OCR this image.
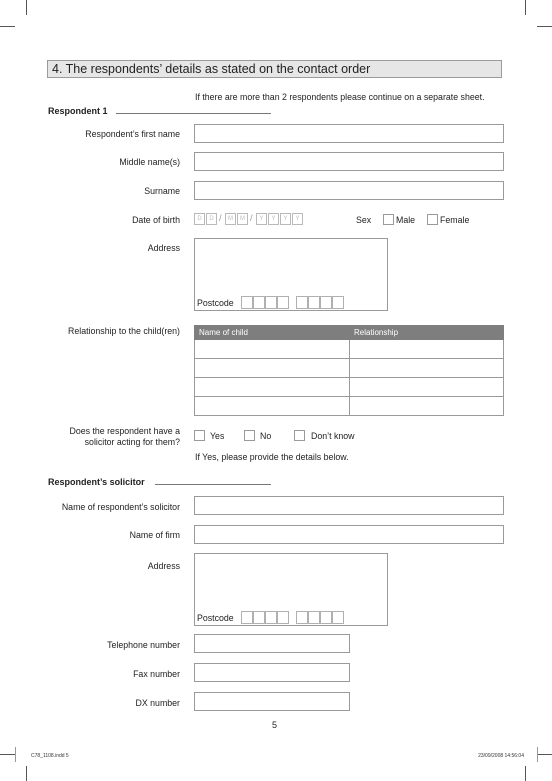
4. The respondents’ details as stated on the contact order
If there are more than 2 respondents please continue on a separate sheet.
Respondent 1
Respondent’s first name
Middle name(s)
Surname
Date of birth	D	D /	M	M /	Y	Y	Y	Y	Sex	Male	Female
Address
Postcode
Relationship to the child(ren) Name of child	Relationship

Does the respondent have a
solicitor acting for them?
Yes	No	Don’t know
If Yes, please provide the details below.
Respondent’s solicitor
Name of respondent’s solicitor
Name of firm
Address
Postcode
Telephone number
Fax number
DX number
5
C78_1108.indd 5	23/09/2008 14:56:04
